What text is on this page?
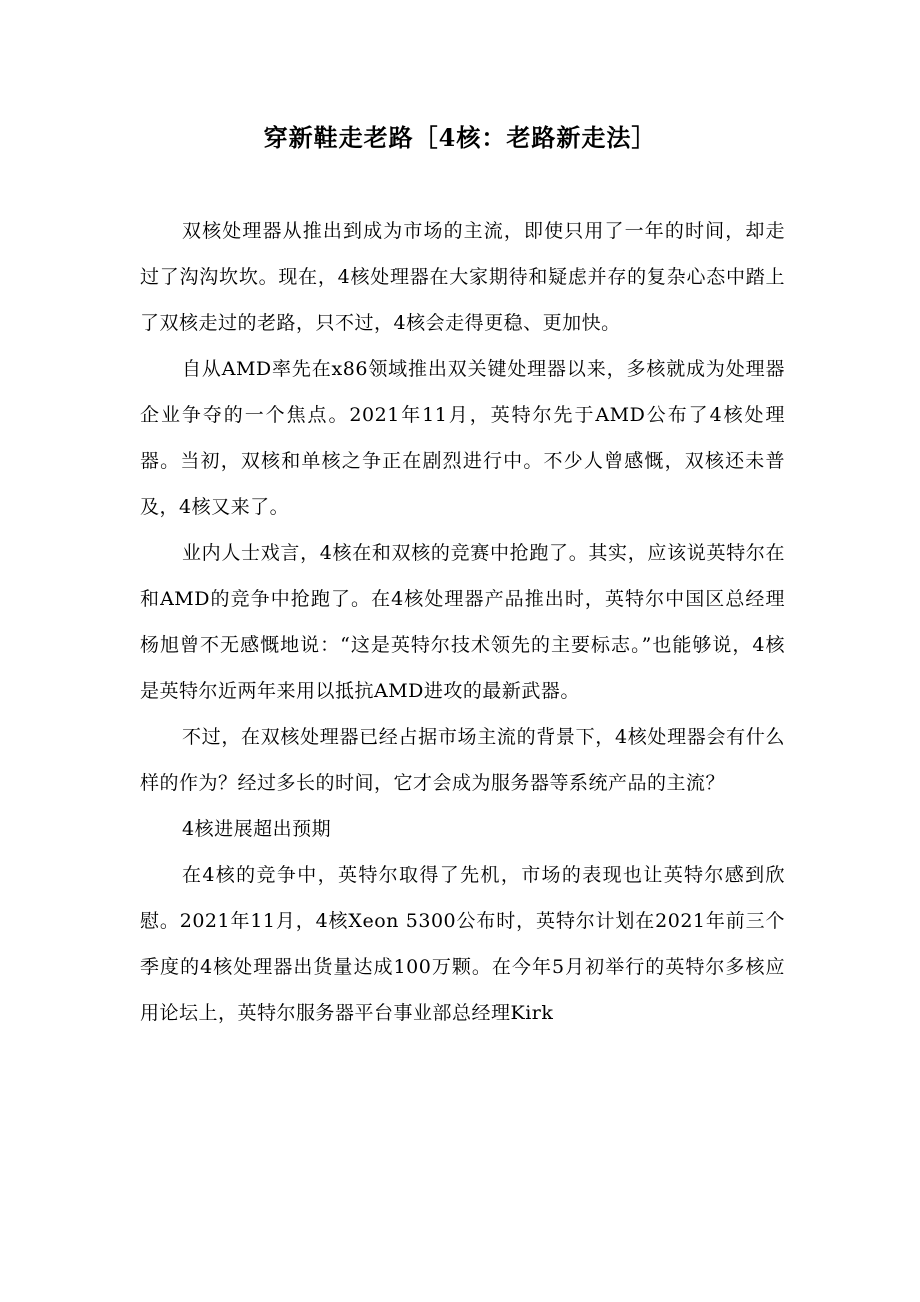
穿新鞋走老路［4核：老路新走法］

双核处理器从推出到成为市场的主流，即使只用了一年的时间，却走过了沟沟坎坎。现在，4核处理器在大家期待和疑虑并存的复杂心态中踏上了双核走过的老路，只不过，4核会走得更稳、更加快。

自从AMD率先在x86领域推出双关键处理器以来，多核就成为处理器企业争夺的一个焦点。2021年11月，英特尔先于AMD公布了4核处理器。当初，双核和单核之争正在剧烈进行中。不少人曾感慨，双核还未普及，4核又来了。

业内人士戏言，4核在和双核的竞赛中抢跑了。其实，应该说英特尔在和AMD的竞争中抢跑了。在4核处理器产品推出时，英特尔中国区总经理杨旭曾不无感慨地说：“这是英特尔技术领先的主要标志。”也能够说，4核是英特尔近两年来用以抵抗AMD进攻的最新武器。

不过，在双核处理器已经占据市场主流的背景下，4核处理器会有什么样的作为？经过多长的时间，它才会成为服务器等系统产品的主流？

4核进展超出预期

在4核的竞争中，英特尔取得了先机，市场的表现也让英特尔感到欣慰。2021年11月，4核Xeon 5300公布时，英特尔计划在2021年前三个季度的4核处理器出货量达成100万颗。在今年5月初举行的英特尔多核应用论坛上，英特尔服务器平台事业部总经理Kirk
